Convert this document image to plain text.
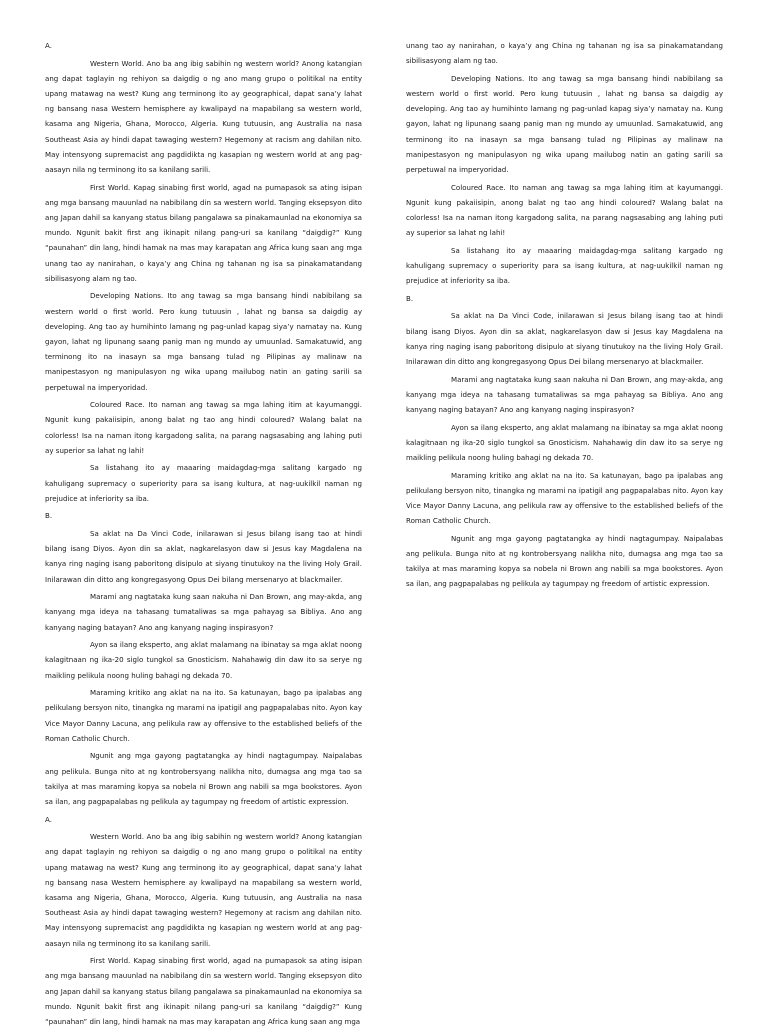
A.

Western World. Ano ba ang ibig sabihin ng western world? Anong katangian ang dapat taglayin ng rehiyon sa daigdig o ng ano mang grupo o politikal na entity upang matawag na west? Kung ang terminong ito ay geographical, dapat sana’y lahat ng bansang nasa Western hemisphere ay kwalipayd na mapabilang sa western world, kasama ang Nigeria, Ghana, Morocco, Algeria. Kung tutuusin, ang Australia na nasa Southeast Asia ay hindi dapat tawaging western? Hegemony at racism ang dahilan nito. May intensyong supremacist ang pagdidikta ng kasapian ng western world at ang pag-aasayn nila ng terminong ito sa kanilang sarili.

First World. Kapag sinabing first world, agad na pumapasok sa ating isipan ang mga bansang mauunlad na nabibilang din sa western world. Tanging eksepsyon dito ang Japan dahil sa kanyang status bilang pangalawa sa pinakamaunlad na ekonomiya sa mundo. Ngunit bakit first ang ikinapit nilang pang-uri sa kanilang “daigdig?” Kung “paunahan” din lang, hindi hamak na mas may karapatan ang Africa kung saan ang mga unang tao ay nanirahan, o kaya’y ang China ng tahanan ng isa sa pinakamatandang sibilisasyong alam ng tao.

Developing Nations. Ito ang tawag sa mga bansang hindi nabibilang sa western world o first world. Pero kung tutuusin , lahat ng bansa sa daigdig ay developing. Ang tao ay humihinto lamang ng pag-unlad kapag siya’y namatay na. Kung gayon, lahat ng lipunang saang panig man ng mundo ay umuunlad. Samakatuwid, ang terminong ito na inasayn sa mga bansang tulad ng Pilipinas ay malinaw na manipestasyon ng manipulasyon ng wika upang mailubog natin an gating sarili sa perpetuwal na imperyoridad.

Coloured Race. Ito naman ang tawag sa mga lahing itim at kayumanggi. Ngunit kung pakaiisipin, anong balat ng tao ang hindi coloured? Walang balat na colorless! Isa na naman itong kargadong salita, na parang nagsasabing ang lahing puti ay superior sa lahat ng lahi!

Sa listahang ito ay maaaring maidagdag-mga salitang kargado ng kahuligang supremacy o superiority para sa isang kultura, at nag-uukilkil naman ng prejudice at inferiority sa iba.

B.

Sa aklat na Da Vinci Code, inilarawan si Jesus bilang isang tao at hindi bilang isang Diyos. Ayon din sa aklat, nagkarelasyon daw si Jesus kay Magdalena na kanya ring naging isang paboritong disipulo at siyang tinutukoy na the living Holy Grail. Inilarawan din ditto ang kongregasyong Opus Dei bilang mersenaryo at blackmailer.

Marami ang nagtataka kung saan nakuha ni Dan Brown, ang may-akda, ang kanyang mga ideya na tahasang tumataliwas sa mga pahayag sa Bibliya. Ano ang kanyang naging batayan? Ano ang kanyang naging inspirasyon?

Ayon sa ilang eksperto, ang aklat malamang na ibinatay sa mga aklat noong kalagitnaan ng ika-20 siglo tungkol sa Gnosticism. Nahahawig din daw ito sa serye ng maikling pelikula noong huling bahagi ng dekada 70.

Maraming kritiko ang aklat na na ito. Sa katunayan, bago pa ipalabas ang pelikulang bersyon nito, tinangka ng marami na ipatigil ang pagpapalabas nito. Ayon kay Vice Mayor Danny Lacuna, ang pelikula raw ay offensive to the established beliefs of the Roman Catholic Church.

Ngunit ang mga gayong pagtatangka ay hindi nagtagumpay. Naipalabas ang pelikula. Bunga nito at ng kontrobersyang nalikha nito, dumagsa ang mga tao sa takilya at mas maraming kopya sa nobela ni Brown ang nabili sa mga bookstores. Ayon sa ilan, ang pagpapalabas ng pelikula ay tagumpay ng freedom of artistic expression.

A.

Western World. Ano ba ang ibig sabihin ng western world? Anong katangian ang dapat taglayin ng rehiyon sa daigdig o ng ano mang grupo o politikal na entity upang matawag na west? Kung ang terminong ito ay geographical, dapat sana’y lahat ng bansang nasa Western hemisphere ay kwalipayd na mapabilang sa western world, kasama ang Nigeria, Ghana, Morocco, Algeria. Kung tutuusin, ang Australia na nasa Southeast Asia ay hindi dapat tawaging western? Hegemony at racism ang dahilan nito. May intensyong supremacist ang pagdidikta ng kasapian ng western world at ang pag-aasayn nila ng terminong ito sa kanilang sarili.

First World. Kapag sinabing first world, agad na pumapasok sa ating isipan ang mga bansang mauunlad na nabibilang din sa western world. Tanging eksepsyon dito ang Japan dahil sa kanyang status bilang pangalawa sa pinakamaunlad na ekonomiya sa mundo. Ngunit bakit first ang ikinapit nilang pang-uri sa kanilang “daigdig?” Kung “paunahan” din lang, hindi hamak na mas may karapatan ang Africa kung saan ang mga

unang tao ay nanirahan, o kaya’y ang China ng tahanan ng isa sa pinakamatandang sibilisasyong alam ng tao.

Developing Nations. Ito ang tawag sa mga bansang hindi nabibilang sa western world o first world. Pero kung tutuusin , lahat ng bansa sa daigdig ay developing. Ang tao ay humihinto lamang ng pag-unlad kapag siya’y namatay na. Kung gayon, lahat ng lipunang saang panig man ng mundo ay umuunlad. Samakatuwid, ang terminong ito na inasayn sa mga bansang tulad ng Pilipinas ay malinaw na manipestasyon ng manipulasyon ng wika upang mailubog natin an gating sarili sa perpetuwal na imperyoridad.

Coloured Race. Ito naman ang tawag sa mga lahing itim at kayumanggi. Ngunit kung pakaiisipin, anong balat ng tao ang hindi coloured? Walang balat na colorless! Isa na naman itong kargadong salita, na parang nagsasabing ang lahing puti ay superior sa lahat ng lahi!

Sa listahang ito ay maaaring maidagdag-mga salitang kargado ng kahuligang supremacy o superiority para sa isang kultura, at nag-uukilkil naman ng prejudice at inferiority sa iba.

B.

Sa aklat na Da Vinci Code, inilarawan si Jesus bilang isang tao at hindi bilang isang Diyos. Ayon din sa aklat, nagkarelasyon daw si Jesus kay Magdalena na kanya ring naging isang paboritong disipulo at siyang tinutukoy na the living Holy Grail. Inilarawan din ditto ang kongregasyong Opus Dei bilang mersenaryo at blackmailer.

Marami ang nagtataka kung saan nakuha ni Dan Brown, ang may-akda, ang kanyang mga ideya na tahasang tumataliwas sa mga pahayag sa Bibliya. Ano ang kanyang naging batayan? Ano ang kanyang naging inspirasyon?

Ayon sa ilang eksperto, ang aklat malamang na ibinatay sa mga aklat noong kalagitnaan ng ika-20 siglo tungkol sa Gnosticism. Nahahawig din daw ito sa serye ng maikling pelikula noong huling bahagi ng dekada 70.

Maraming kritiko ang aklat na na ito. Sa katunayan, bago pa ipalabas ang pelikulang bersyon nito, tinangka ng marami na ipatigil ang pagpapalabas nito. Ayon kay Vice Mayor Danny Lacuna, ang pelikula raw ay offensive to the established beliefs of the Roman Catholic Church.

Ngunit ang mga gayong pagtatangka ay hindi nagtagumpay. Naipalabas ang pelikula. Bunga nito at ng kontrobersyang nalikha nito, dumagsa ang mga tao sa takilya at mas maraming kopya sa nobela ni Brown ang nabili sa mga bookstores. Ayon sa ilan, ang pagpapalabas ng pelikula ay tagumpay ng freedom of artistic expression.
